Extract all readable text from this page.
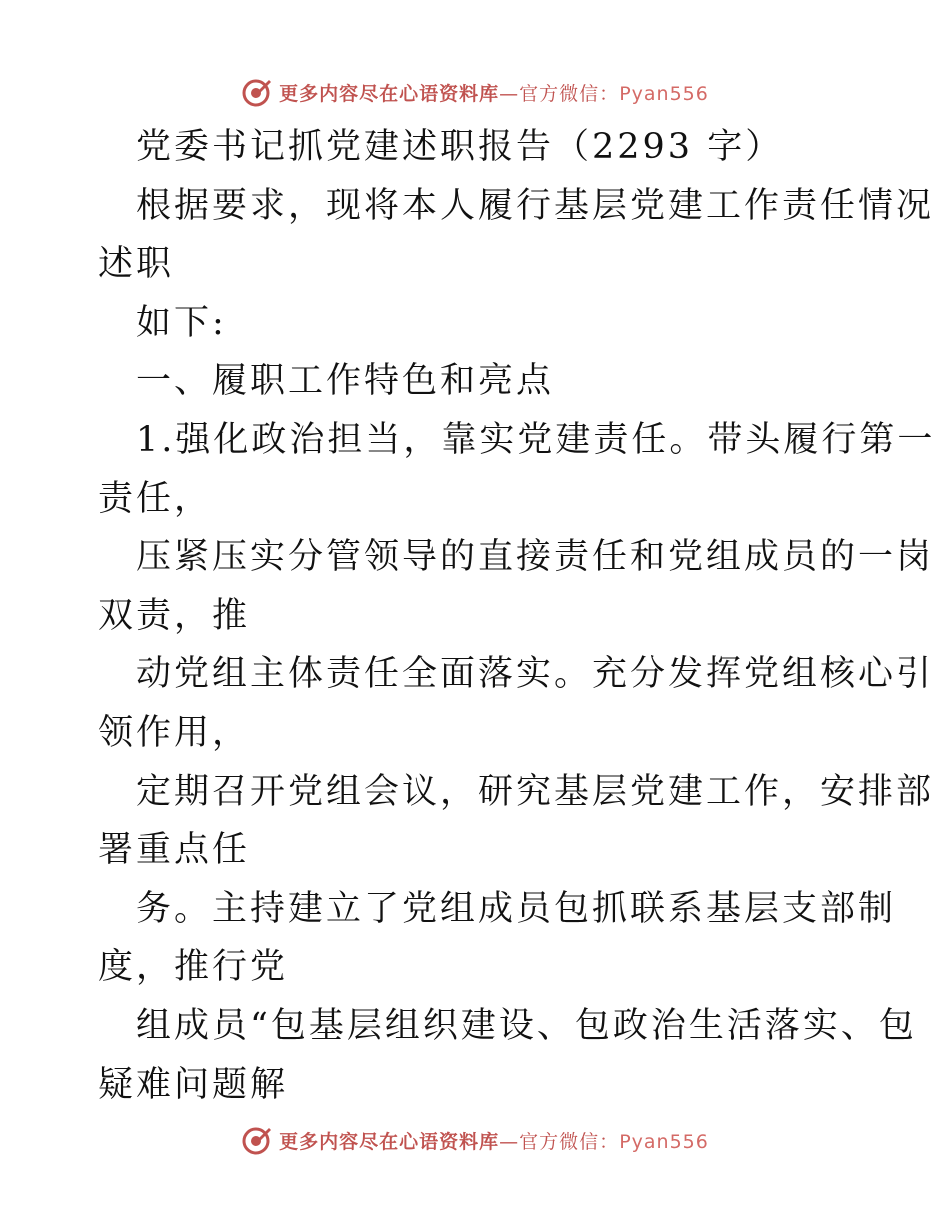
更多内容尽在心语资料库—官方微信：Pyan556
党委书记抓党建述职报告（2293 字）
根据要求，现将本人履行基层党建工作责任情况
述职
如下:
一、履职工作特色和亮点
1.强化政治担当，靠实党建责任。带头履行第一
责任，
压紧压实分管领导的直接责任和党组成员的一岗
双责，推
动党组主体责任全面落实。充分发挥党组核心引
领作用，
定期召开党组会议，研究基层党建工作，安排部
署重点任
务。主持建立了党组成员包抓联系基层支部制
度，推行党
组成员“包基层组织建设、包政治生活落实、包
疑难问题解
更多内容尽在心语资料库—官方微信：Pyan556
